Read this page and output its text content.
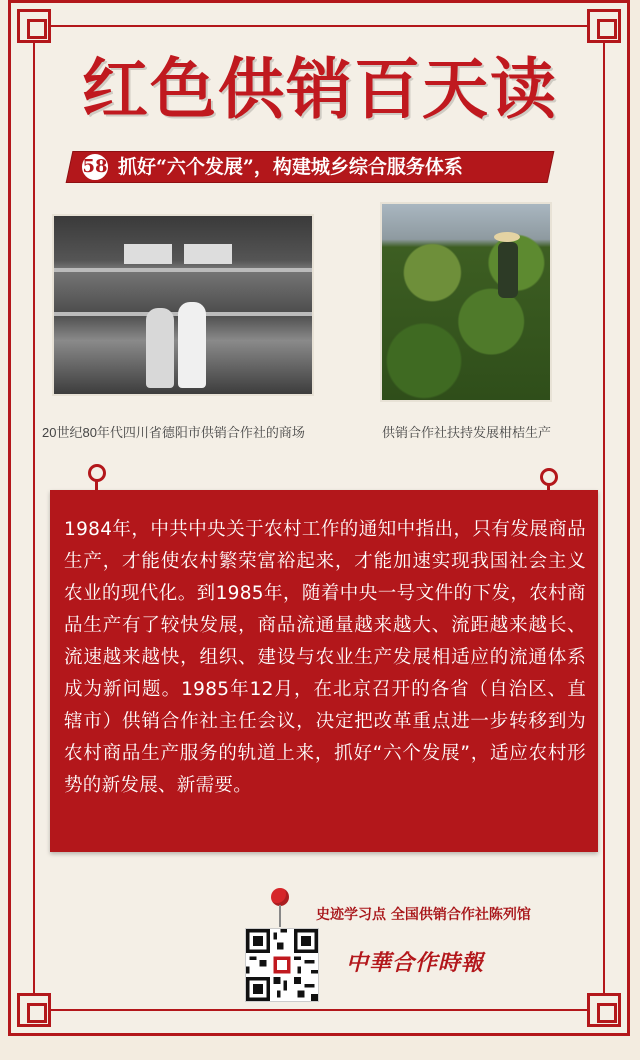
红色供销百天读
58 抓好“六个发展”，构建城乡综合服务体系
20世纪80年代四川省德阳市供销合作社的商场	供销合作社扶持发展柑桔生产

1984年，中共中央关于农村工作的通知中指出，只有发展商品生产，才能使农村繁荣富裕起来，才能加速实现我国社会主义农业的现代化。到1985年，随着中央一号文件的下发，农村商品生产有了较快发展，商品流通量越来越大、流距越来越长、流速越来越快，组织、建设与农业生产发展相适应的流通体系成为新问题。1985年12月，在北京召开的各省（自治区、直辖市）供销合作社主任会议，决定把改革重点进一步转移到为农村商品生产服务的轨道上来，抓好“六个发展”，适应农村形势的新发展、新需要。

史迹学习点 全国供销合作社陈列馆
中華合作時報
